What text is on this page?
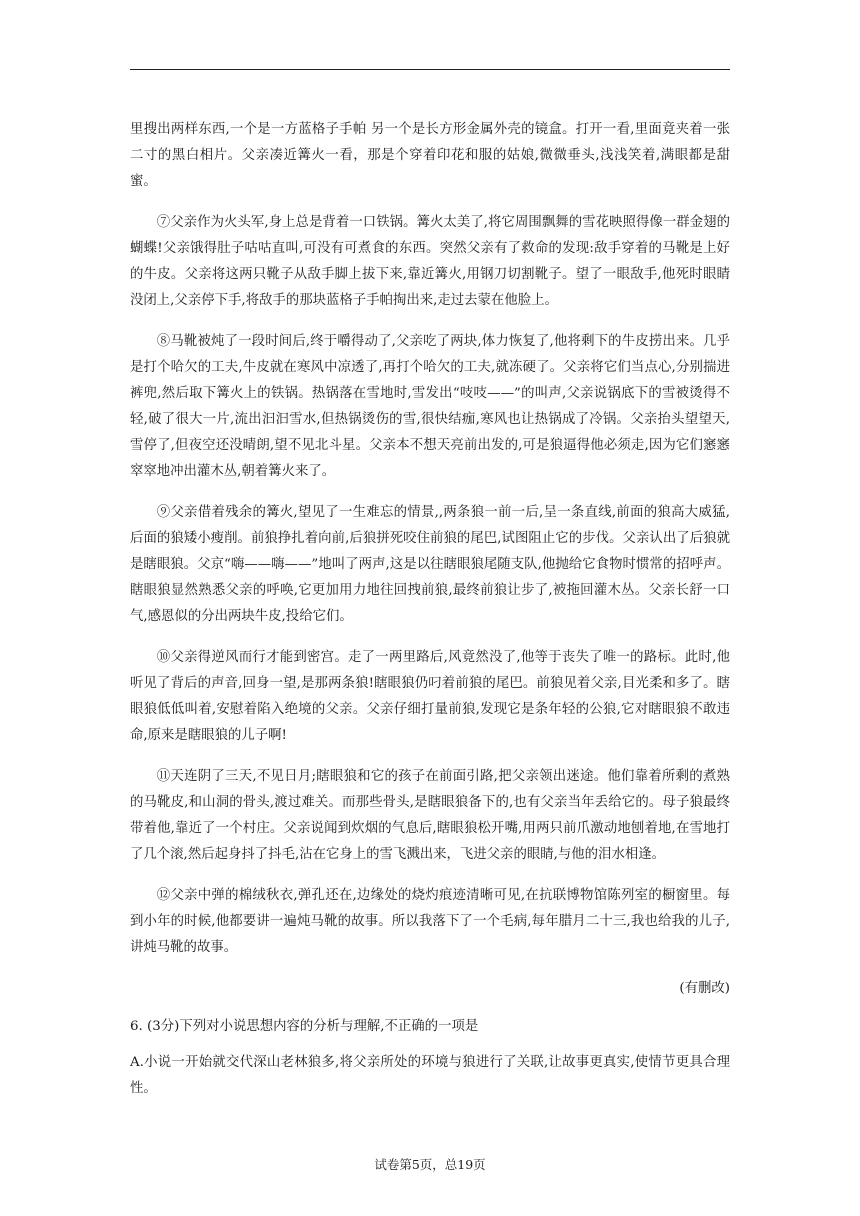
里搜出两样东西,一个是一方蓝格子手帕 另一个是长方形金属外壳的镜盒。打开一看,里面竟夹着一张二寸的黑白相片。父亲凑近篝火一看，那是个穿着印花和服的姑娘,微微垂头,浅浅笑着,满眼都是甜蜜。

⑦父亲作为火头军,身上总是背着一口铁锅。篝火太美了,将它周围飘舞的雪花映照得像一群金翅的蝴蝶!父亲饿得肚子咕咕直叫,可没有可煮食的东西。突然父亲有了救命的发现:敌手穿着的马靴是上好的牛皮。父亲将这两只靴子从敌手脚上拔下来,靠近篝火,用钢刀切割靴子。望了一眼敌手,他死时眼睛没闭上,父亲停下手,将敌手的那块蓝格子手帕掏出来,走过去蒙在他脸上。

⑧马靴被炖了一段时间后,终于嚼得动了,父亲吃了两块,体力恢复了,他将剩下的牛皮捞出来。几乎是打个哈欠的工夫,牛皮就在寒风中凉透了,再打个哈欠的工夫,就冻硬了。父亲将它们当点心,分别揣进裤兜,然后取下篝火上的铁锅。热锅落在雪地时,雪发出“吱吱——”的叫声,父亲说锅底下的雪被烫得不轻,破了很大一片,流出汩汩雪水,但热锅烫伤的雪,很快结痂,寒风也让热锅成了冷锅。父亲抬头望望天,雪停了,但夜空还没晴朗,望不见北斗星。父亲本不想天亮前出发的,可是狼逼得他必须走,因为它们窸窸窣窣地冲出灌木丛,朝着篝火来了。

⑨父亲借着残余的篝火,望见了一生难忘的情景,,两条狼一前一后,呈一条直线,前面的狼高大威猛,后面的狼矮小瘦削。前狼挣扎着向前,后狼拼死咬住前狼的尾巴,试图阻止它的步伐。父亲认出了后狼就是瞎眼狼。父京“嗨——嗨——”地叫了两声,这是以往瞎眼狼尾随支队,他抛给它食物时惯常的招呼声。瞎眼狼显然熟悉父亲的呼唤,它更加用力地往回拽前狼,最终前狼让步了,被拖回灌木丛。父亲长舒一口气,感恩似的分出两块牛皮,投给它们。

⑩父亲得逆风而行才能到密宫。走了一两里路后,风竟然没了,他等于丧失了唯一的路标。此时,他听见了背后的声音,回身一望,是那两条狼!瞎眼狼仍叼着前狼的尾巴。前狼见着父亲,目光柔和多了。瞎眼狼低低叫着,安慰着陷入绝境的父亲。父亲仔细打量前狼,发现它是条年轻的公狼,它对瞎眼狼不敢违命,原来是瞎眼狼的儿子啊!

⑪天连阴了三天,不见日月;瞎眼狼和它的孩子在前面引路,把父亲领出迷途。他们靠着所剩的煮熟的马靴皮,和山洞的骨头,渡过难关。而那些骨头,是瞎眼狼备下的,也有父亲当年丢给它的。母子狼最终带着他,靠近了一个村庄。父亲说闻到炊烟的气息后,瞎眼狼松开嘴,用两只前爪激动地刨着地,在雪地打了几个滚,然后起身抖了抖毛,沾在它身上的雪飞溅出来，飞进父亲的眼睛,与他的泪水相逢。

⑫父亲中弹的棉绒秋衣,弹孔还在,边缘处的烧灼痕迹清晰可见,在抗联博物馆陈列室的橱窗里。每到小年的时候,他都要讲一遍炖马靴的故事。所以我落下了一个毛病,每年腊月二十三,我也给我的儿子,讲炖马靴的故事。

(有删改)

6. (3分)下列对小说思想内容的分析与理解,不正确的一项是

A.小说一开始就交代深山老林狼多,将父亲所处的环境与狼进行了关联,让故事更真实,使情节更具合理性。

试卷第5页，总19页
